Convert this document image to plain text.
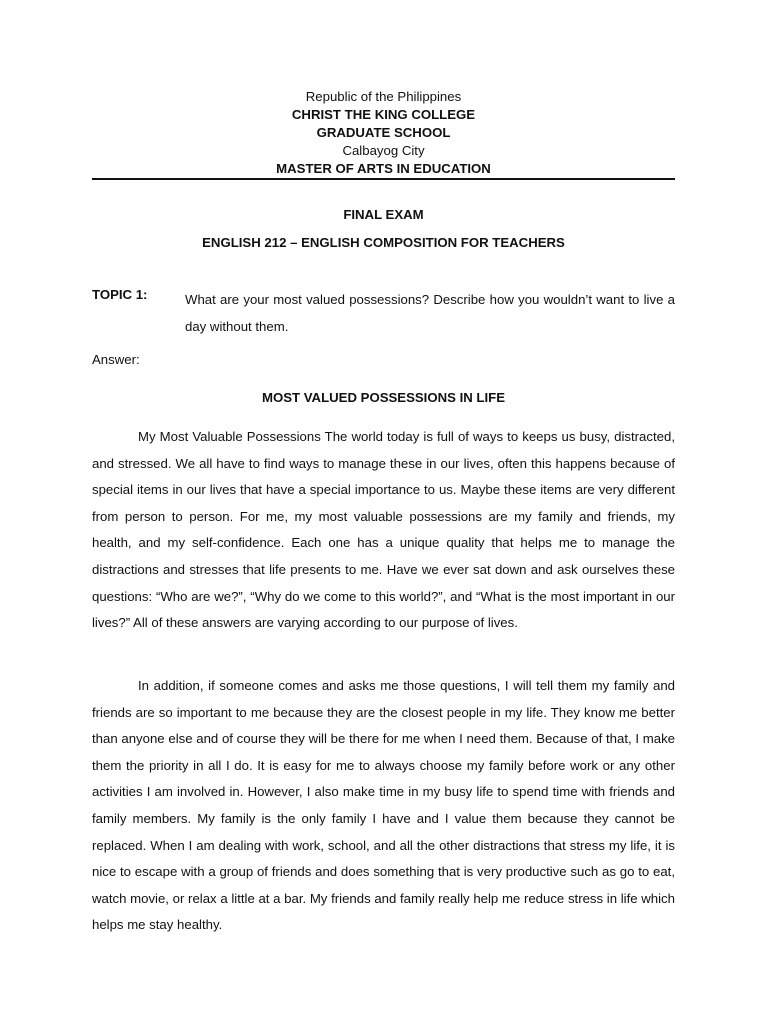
Republic of the Philippines
CHRIST THE KING COLLEGE
GRADUATE SCHOOL
Calbayog City
MASTER OF ARTS IN EDUCATION
FINAL EXAM
ENGLISH 212 – ENGLISH COMPOSITION FOR TEACHERS
TOPIC 1:	What are your most valued possessions? Describe how you wouldn’t want to live a day without them.
Answer:
MOST VALUED POSSESSIONS IN LIFE

My Most Valuable Possessions The world today is full of ways to keeps us busy, distracted, and stressed. We all have to find ways to manage these in our lives, often this happens because of special items in our lives that have a special importance to us. Maybe these items are very different from person to person. For me, my most valuable possessions are my family and friends, my health, and my self-confidence. Each one has a unique quality that helps me to manage the distractions and stresses that life presents to me. Have we ever sat down and ask ourselves these questions: “Who are we?”, “Why do we come to this world?”, and “What is the most important in our lives?” All of these answers are varying according to our purpose of lives.

In addition, if someone comes and asks me those questions, I will tell them my family and friends are so important to me because they are the closest people in my life. They know me better than anyone else and of course they will be there for me when I need them. Because of that, I make them the priority in all I do. It is easy for me to always choose my family before work or any other activities I am involved in. However, I also make time in my busy life to spend time with friends and family members. My family is the only family I have and I value them because they cannot be replaced. When I am dealing with work, school, and all the other distractions that stress my life, it is nice to escape with a group of friends and does something that is very productive such as go to eat, watch movie, or relax a little at a bar. My friends and family really help me reduce stress in life which helps me stay healthy.
